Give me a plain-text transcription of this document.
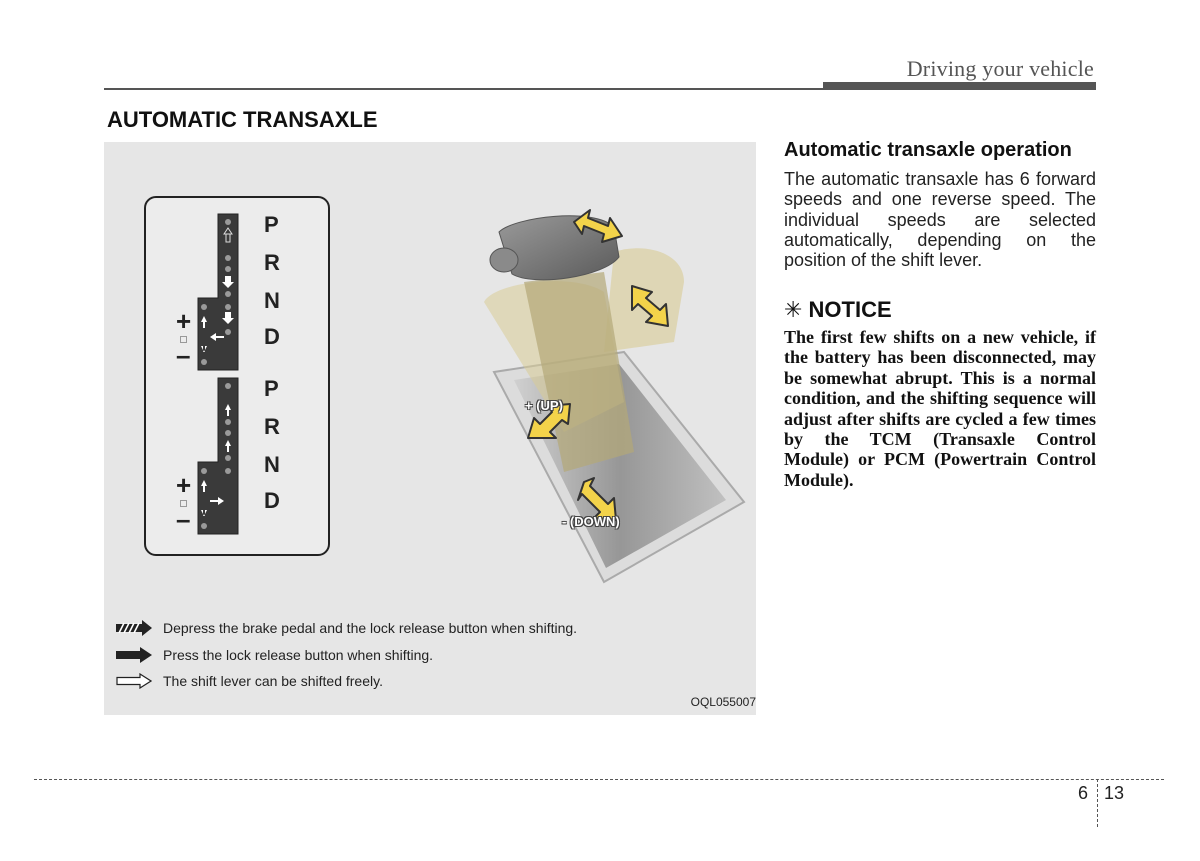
Driving your vehicle
AUTOMATIC TRANSAXLE
P
R
N
D
+
–
P
R
N
D
+
–
+ (UP)
- (DOWN)
Depress the brake pedal and the lock release button when shifting.
Press the lock release button when shifting.
The shift lever can be shifted freely.
OQL055007
Automatic transaxle operation
The automatic transaxle has 6 forward speeds and one reverse speed. The individual speeds are selected automatically, depending on the position of the shift lever.
✳ NOTICE
The first few shifts on a new vehicle, if the battery has been disconnected, may be somewhat abrupt. This is a normal condition, and the shifting sequence will adjust after shifts are cycled a few times by the TCM (Transaxle Control Module) or PCM (Powertrain Control Module).
6 13
